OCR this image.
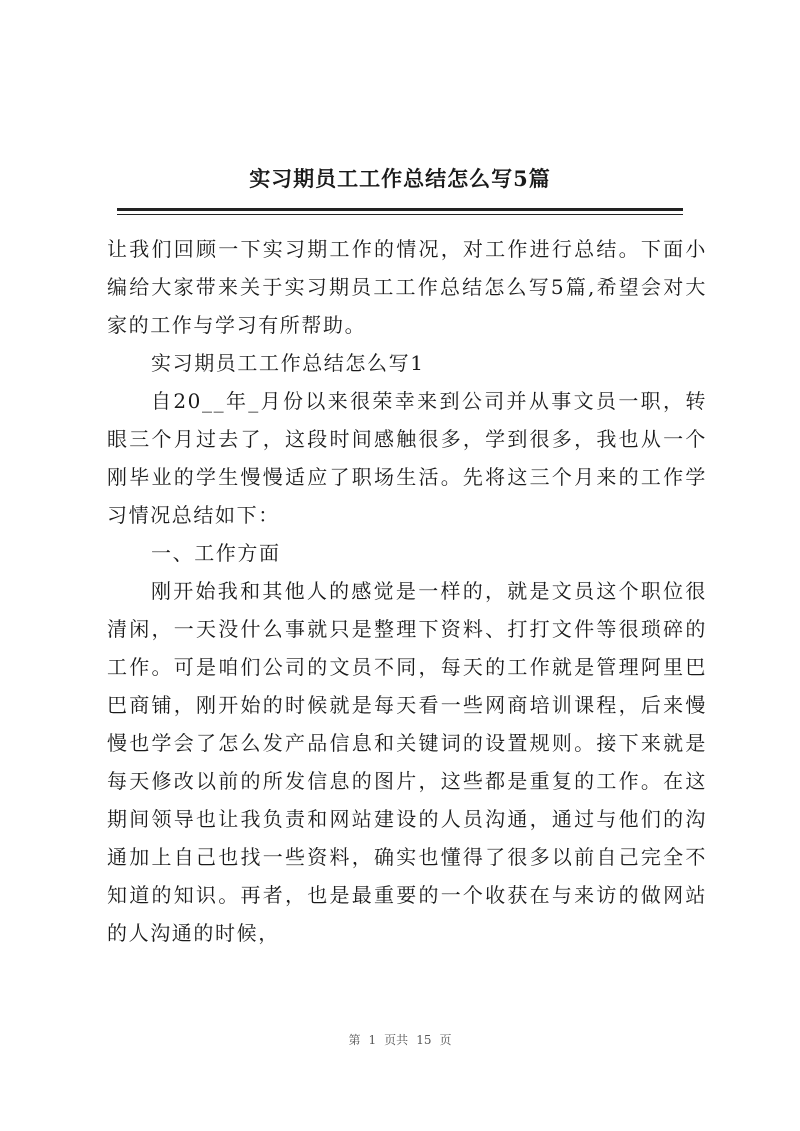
实习期员工工作总结怎么写5篇

让我们回顾一下实习期工作的情况，对工作进行总结。下面小编给大家带来关于实习期员工工作总结怎么写5篇,希望会对大家的工作与学习有所帮助。

实习期员工工作总结怎么写1

自20__年_月份以来很荣幸来到公司并从事文员一职，转眼三个月过去了，这段时间感触很多，学到很多，我也从一个刚毕业的学生慢慢适应了职场生活。先将这三个月来的工作学习情况总结如下：

一、工作方面

刚开始我和其他人的感觉是一样的，就是文员这个职位很清闲，一天没什么事就只是整理下资料、打打文件等很琐碎的工作。可是咱们公司的文员不同，每天的工作就是管理阿里巴巴商铺，刚开始的时候就是每天看一些网商培训课程，后来慢慢也学会了怎么发产品信息和关键词的设置规则。接下来就是每天修改以前的所发信息的图片，这些都是重复的工作。在这期间领导也让我负责和网站建设的人员沟通，通过与他们的沟通加上自己也找一些资料，确实也懂得了很多以前自己完全不知道的知识。再者，也是最重要的一个收获在与来访的做网站的人沟通的时候，

第 1 页共 15 页
